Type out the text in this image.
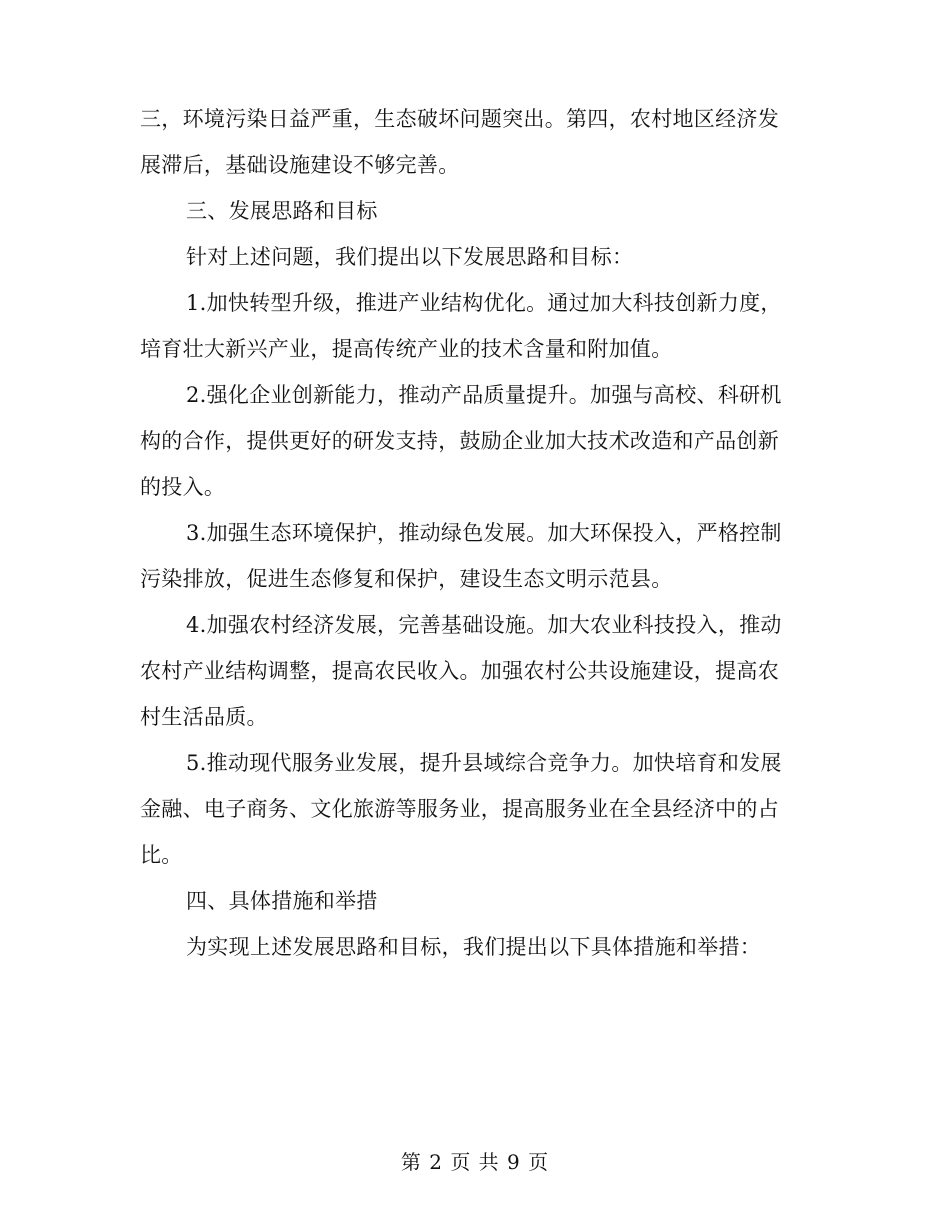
三，环境污染日益严重，生态破坏问题突出。第四，农村地区经济发
展滞后，基础设施建设不够完善。
三、发展思路和目标
针对上述问题，我们提出以下发展思路和目标：
1.加快转型升级，推进产业结构优化。通过加大科技创新力度，
培育壮大新兴产业，提高传统产业的技术含量和附加值。
2.强化企业创新能力，推动产品质量提升。加强与高校、科研机
构的合作，提供更好的研发支持，鼓励企业加大技术改造和产品创新
的投入。
3.加强生态环境保护，推动绿色发展。加大环保投入，严格控制
污染排放，促进生态修复和保护，建设生态文明示范县。
4.加强农村经济发展，完善基础设施。加大农业科技投入，推动
农村产业结构调整，提高农民收入。加强农村公共设施建设，提高农
村生活品质。
5.推动现代服务业发展，提升县域综合竞争力。加快培育和发展
金融、电子商务、文化旅游等服务业，提高服务业在全县经济中的占
比。
四、具体措施和举措
为实现上述发展思路和目标，我们提出以下具体措施和举措：
第 2 页 共 9 页
